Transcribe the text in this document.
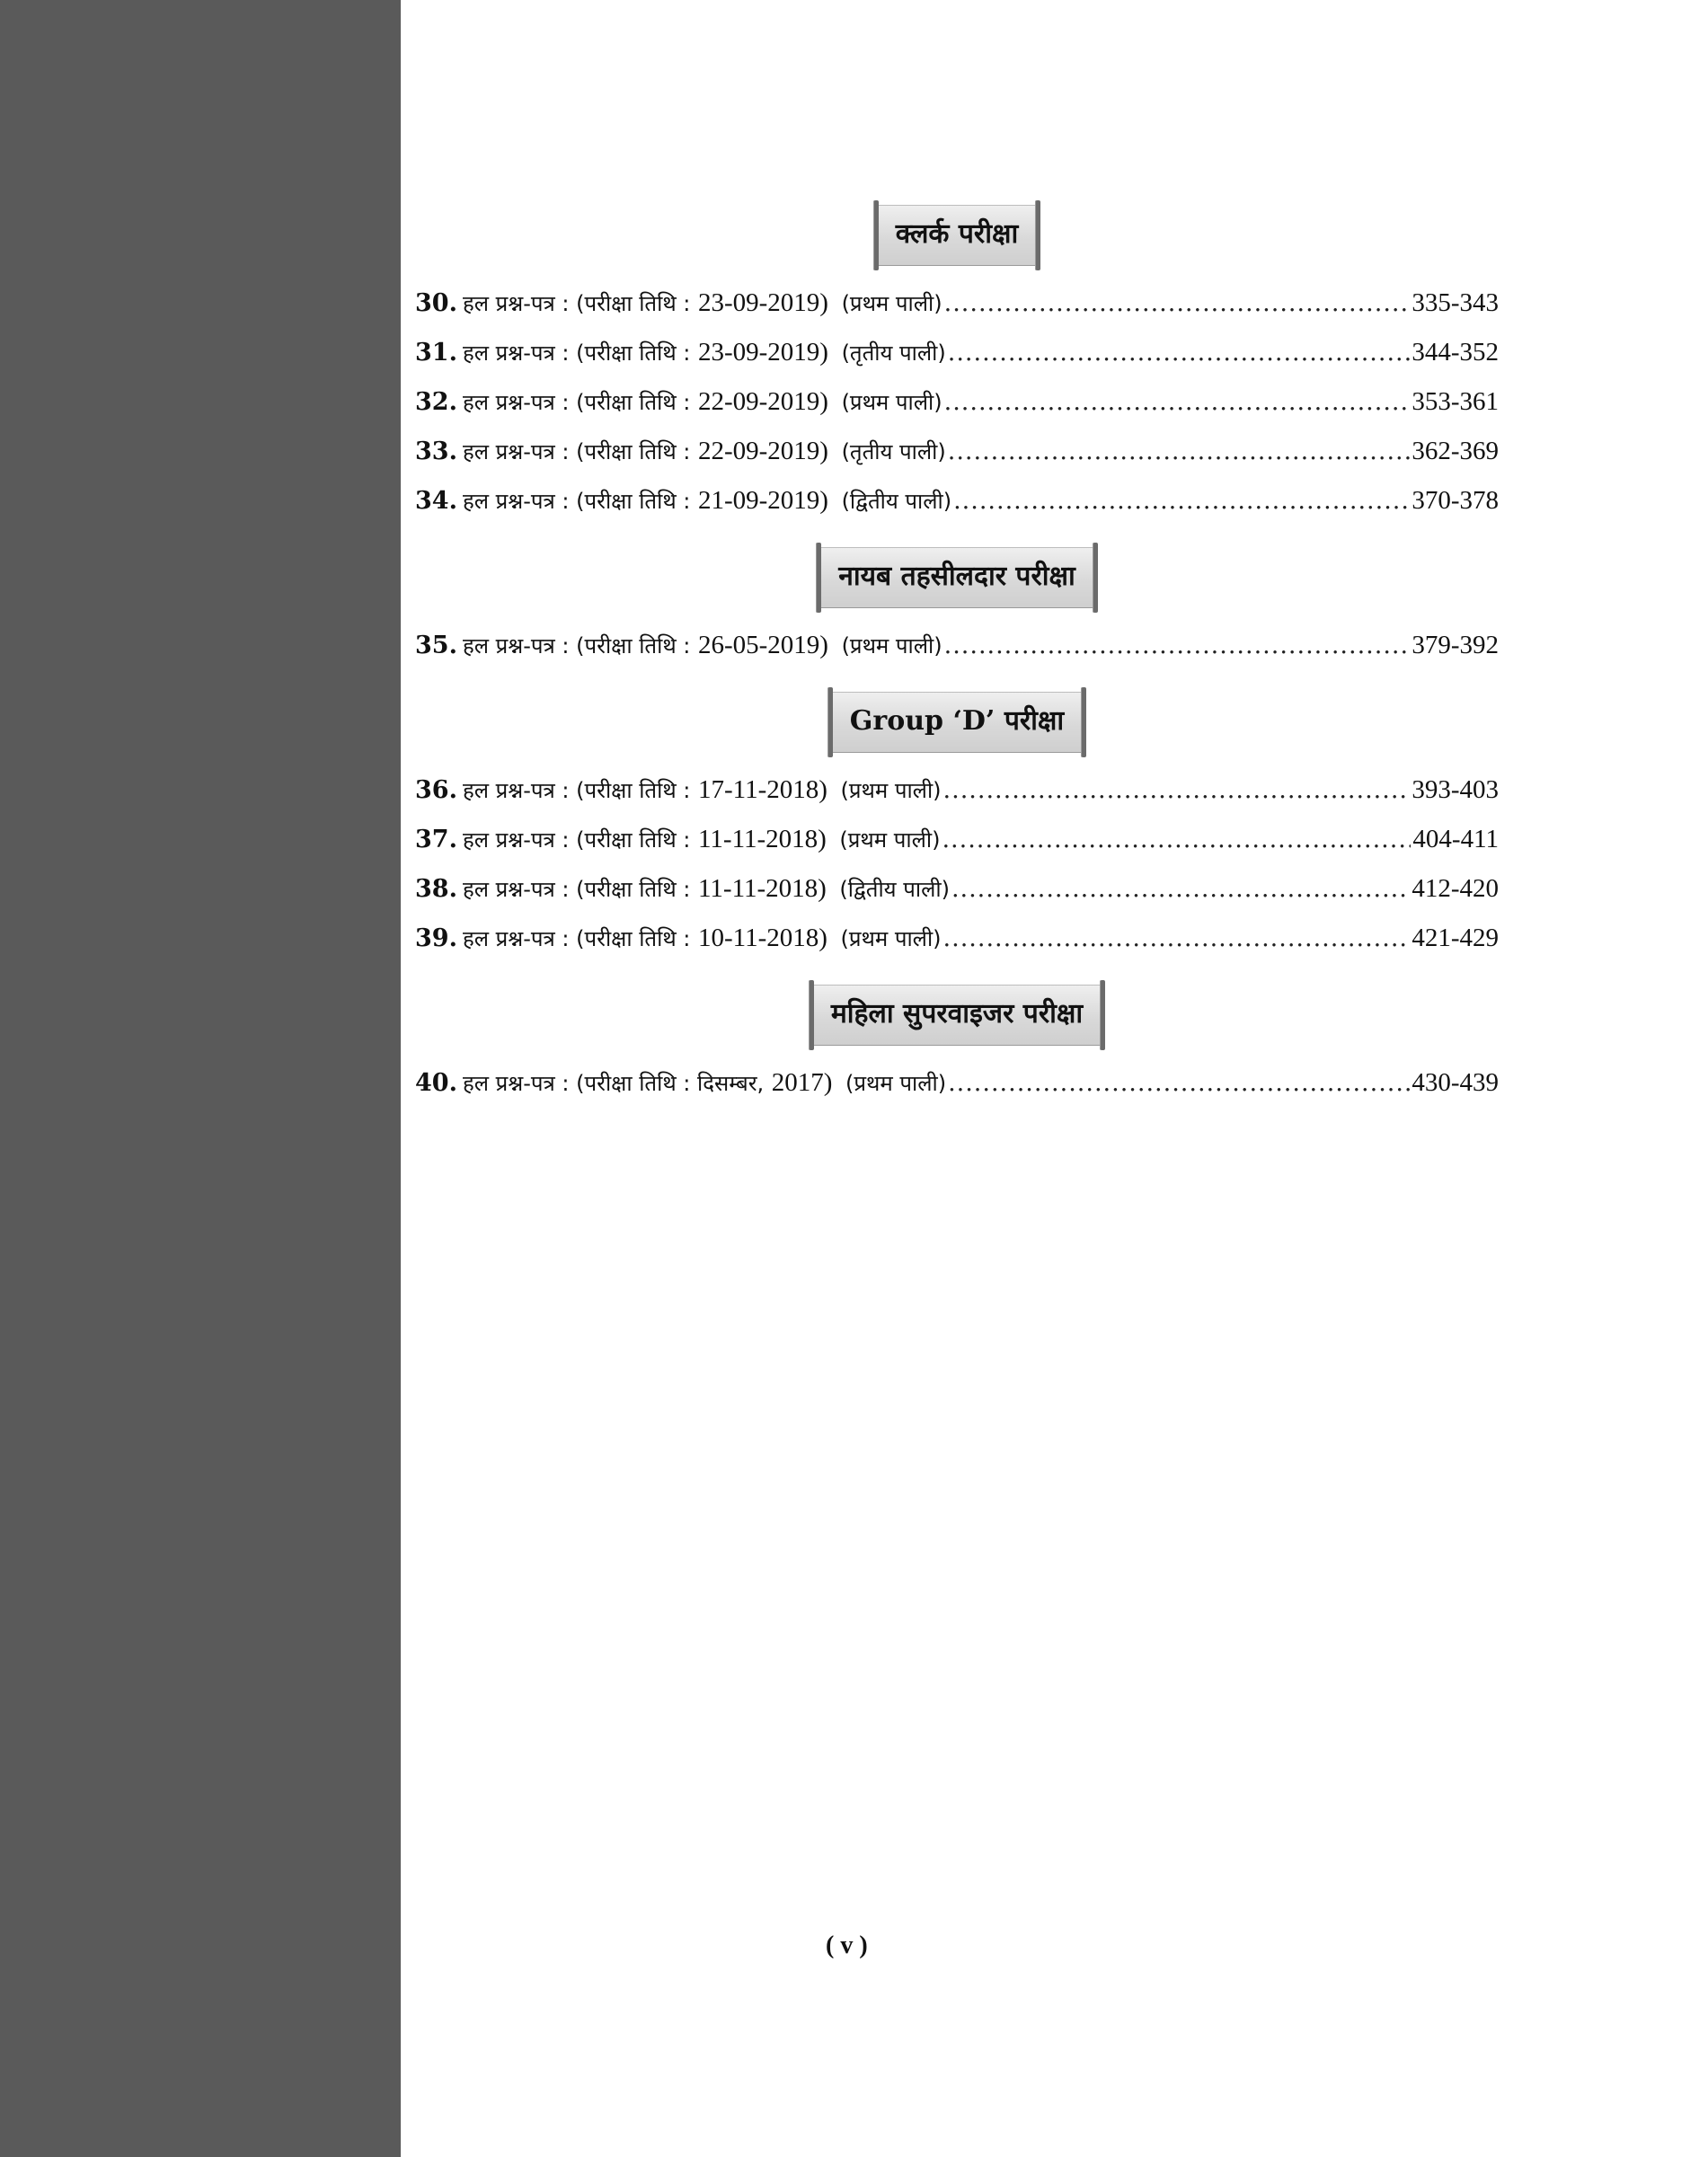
क्लर्क परीक्षा
30. हल प्रश्न-पत्र : (परीक्षा तिथि :
23-09-2019)
(प्रथम पाली) .....	335-343
31. हल प्रश्न-पत्र : (परीक्षा तिथि :
23-09-2019)
(तृतीय पाली) .....	344-352
32. हल प्रश्न-पत्र : (परीक्षा तिथि :
22-09-2019)
(प्रथम पाली) .....	353-361
33. हल प्रश्न-पत्र : (परीक्षा तिथि :
22-09-2019)
(तृतीय पाली) .....	362-369
34. हल प्रश्न-पत्र : (परीक्षा तिथि :
21-09-2019)
(द्वितीय पाली) .....	370-378
नायब तहसीलदार परीक्षा
35. हल प्रश्न-पत्र : (परीक्षा तिथि :
26-05-2019)
(प्रथम पाली) .....	379-392
Group ‘D’ परीक्षा
36. हल प्रश्न-पत्र : (परीक्षा तिथि :
17-11-2018)
(प्रथम पाली) .....	393-403
37. हल प्रश्न-पत्र : (परीक्षा तिथि :
11-11-2018)
(प्रथम पाली) .....	404-411
38. हल प्रश्न-पत्र : (परीक्षा तिथि :
11-11-2018)
(द्वितीय पाली) .....	412-420
39. हल प्रश्न-पत्र : (परीक्षा तिथि :
10-11-2018)
(प्रथम पाली) .....	421-429
महिला सुपरवाइजर परीक्षा
40. हल प्रश्न-पत्र : (परीक्षा तिथि : दिसम्बर,
2017)
(प्रथम पाली) .....	430-439
( v )
